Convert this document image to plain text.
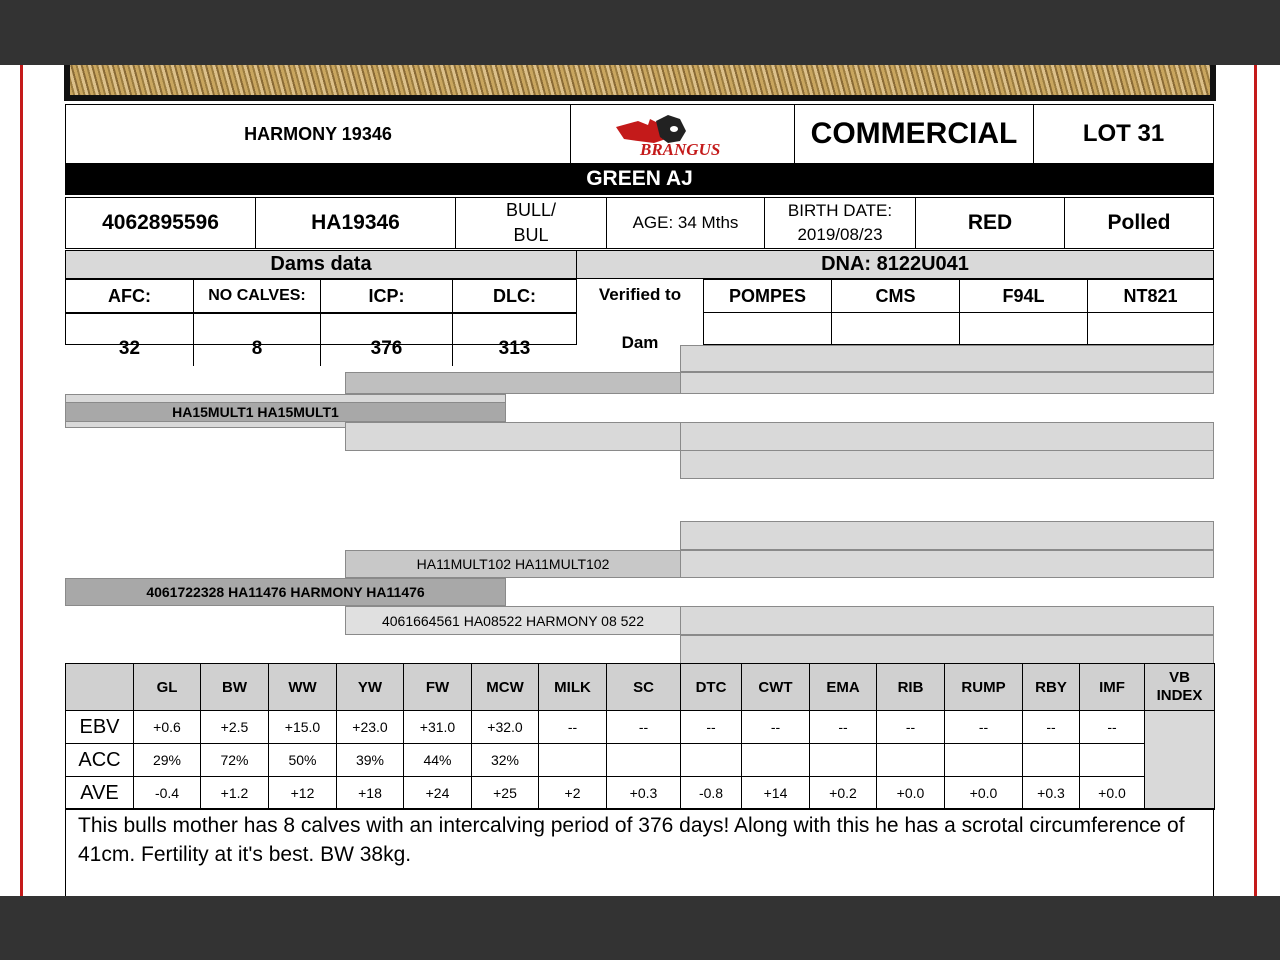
HARMONY 19346
BRANGUS	COMMERCIAL	LOT 31
GREEN AJ
4062895596	HA19346
BULL/
BUL
AGE: 34 Mths
BIRTH DATE:
2019/08/23
RED	Polled
Dams data
AFC:	NO CALVES:	ICP:	DLC:
32	8	376	313
DNA: 8122U041
Verified to
Dam
POMPES	CMS	F94L	NT821
HA15MULT1 HA15MULT1
HA11MULT102 HA11MULT102
4061722328 HA11476 HARMONY HA11476
4061664561 HA08522 HARMONY 08 522
	GL	BW	WW	YW	FW	MCW	MILK	SC	DTC	CWT	EMA	RIB	RUMP	RBY	IMF	VB
INDEX
EBV	+0.6	+2.5	+15.0	+23.0	+31.0	+32.0	--	--	--	--	--	--	--	--	--	
ACC	29%	72%	50%	39%	44%	32%										
AVE	-0.4	+1.2	+12	+18	+24	+25	+2	+0.3	-0.8	+14	+0.2	+0.0	+0.0	+0.3	+0.0	
This bulls mother has 8 calves with an intercalving period of 376 days! Along with this he has a scrotal circumference of 41cm. Fertility at it's best. BW 38kg.
